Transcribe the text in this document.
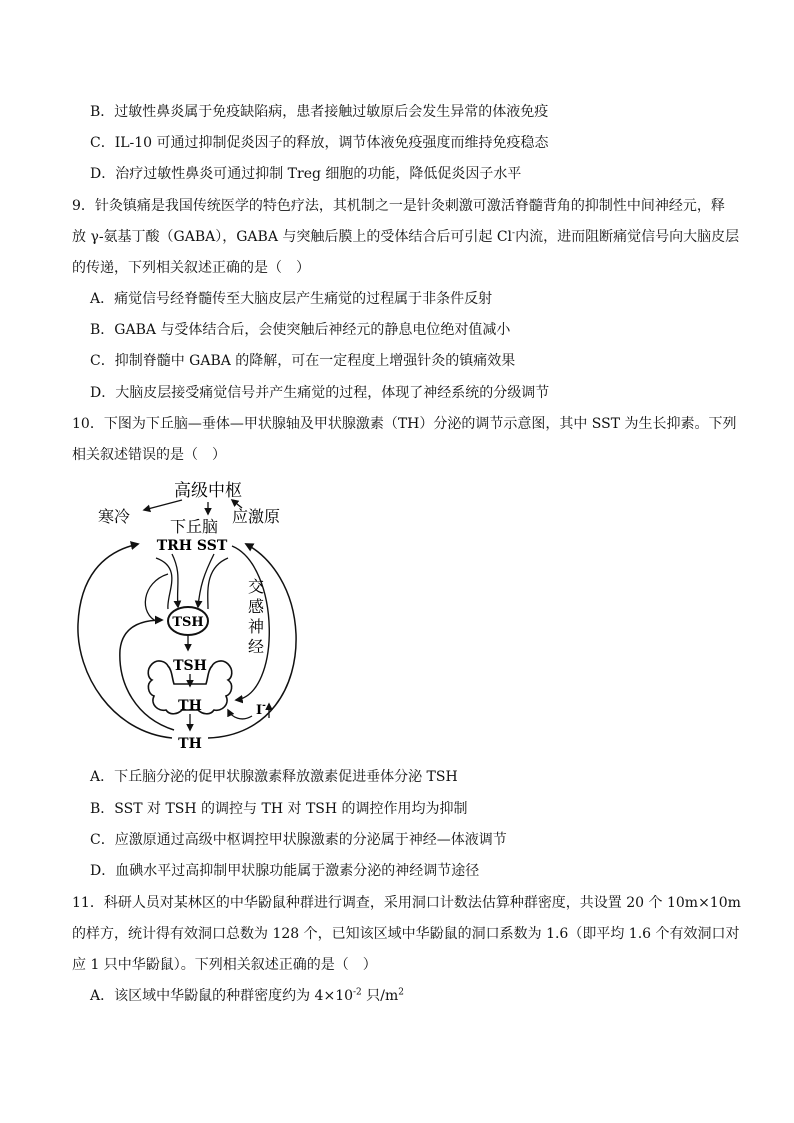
B．过敏性鼻炎属于免疫缺陷病，患者接触过敏原后会发生异常的体液免疫
C．IL-10 可通过抑制促炎因子的释放，调节体液免疫强度而维持免疫稳态
D．治疗过敏性鼻炎可通过抑制 Treg 细胞的功能，降低促炎因子水平
9．针灸镇痛是我国传统医学的特色疗法，其机制之一是针灸刺激可激活脊髓背角的抑制性中间神经元，释
放 γ-氨基丁酸（GABA），GABA 与突触后膜上的受体结合后可引起 Cl-内流，进而阻断痛觉信号向大脑皮层
的传递，下列相关叙述正确的是（　）
A．痛觉信号经脊髓传至大脑皮层产生痛觉的过程属于非条件反射
B．GABA 与受体结合后，会使突触后神经元的静息电位绝对值减小
C．抑制脊髓中 GABA 的降解，可在一定程度上增强针灸的镇痛效果
D．大脑皮层接受痛觉信号并产生痛觉的过程，体现了神经系统的分级调节
10．下图为下丘脑—垂体—甲状腺轴及甲状腺激素（TH）分泌的调节示意图，其中 SST 为生长抑素。下列
相关叙述错误的是（　）
高级中枢
寒冷	应激原
下丘脑
TRH SST
TSH
TSH
TH
TH
I-
交
感
神
经
A．下丘脑分泌的促甲状腺激素释放激素促进垂体分泌 TSH
B．SST 对 TSH 的调控与 TH 对 TSH 的调控作用均为抑制
C．应激原通过高级中枢调控甲状腺激素的分泌属于神经—体液调节
D．血碘水平过高抑制甲状腺功能属于激素分泌的神经调节途径
11．科研人员对某林区的中华鼢鼠种群进行调查，采用洞口计数法估算种群密度，共设置 20 个 10m×10m
的样方，统计得有效洞口总数为 128 个，已知该区域中华鼢鼠的洞口系数为 1.6（即平均 1.6 个有效洞口对
应 1 只中华鼢鼠）。下列相关叙述正确的是（　）
A．该区域中华鼢鼠的种群密度约为 $4\times 10^{-2}$ 只$/m^2$
